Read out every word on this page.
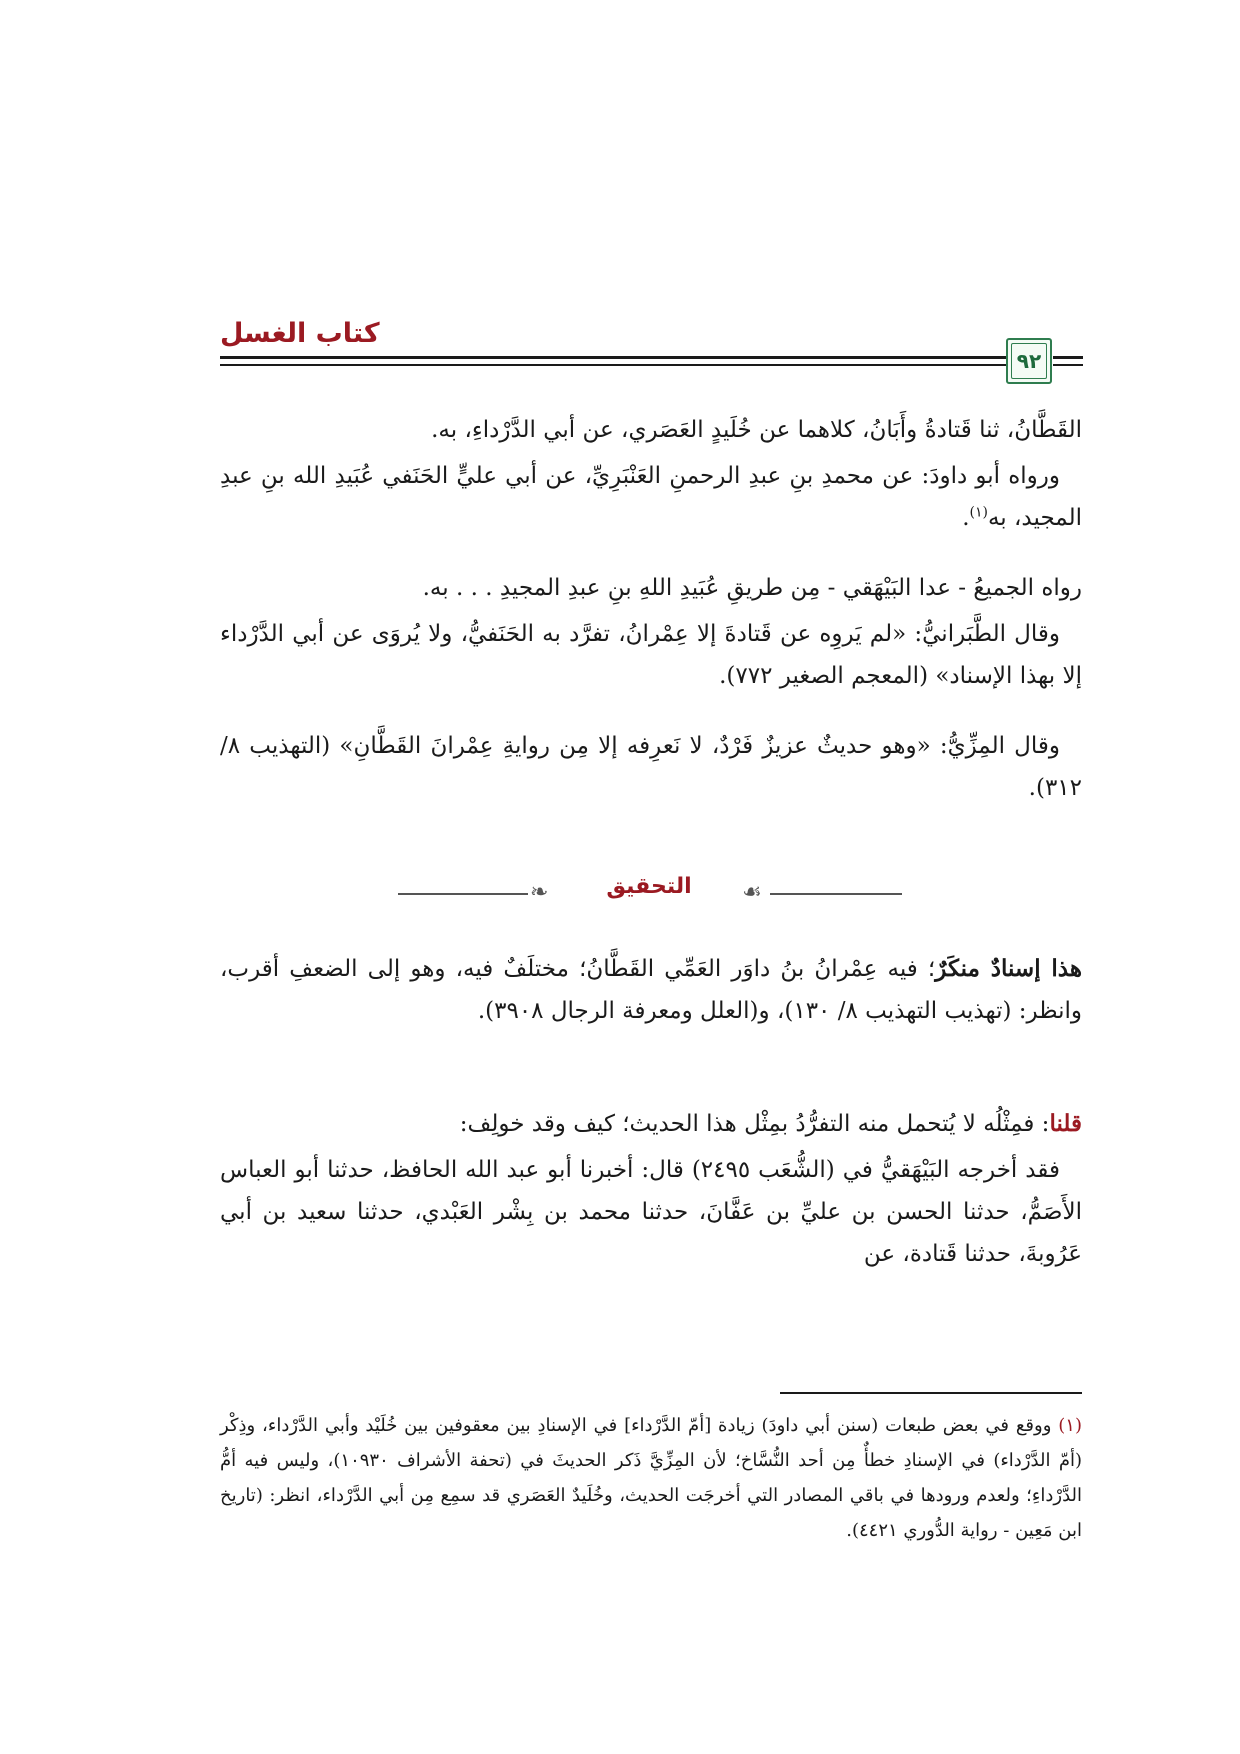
كتاب الغسل
٩٢

القَطَّانُ، ثنا قَتادةُ وأَبَانُ، كلاهما عن خُلَيدٍ العَصَري، عن أبي الدَّرْداءِ، به.

ورواه أبو داودَ: عن محمدِ بنِ عبدِ الرحمنِ العَنْبَرِيِّ، عن أبي عليٍّ الحَنَفي عُبَيدِ الله بنِ عبدِ المجيد، به$^{(١)}$.

رواه الجميعُ - عدا البَيْهَقي - مِن طريقِ عُبَيدِ اللهِ بنِ عبدِ المجيدِ . . . به.

وقال الطَّبَرانيُّ: «لم يَروِه عن قَتادةَ إلا عِمْرانُ، تفرَّد به الحَنَفيُّ، ولا يُروَى عن أبي الدَّرْداء إلا بهذا الإسناد» (المعجم الصغير ٧٧٢).

وقال المِزِّيُّ: «وهو حديثٌ عزيزٌ فَرْدٌ، لا نَعرِفه إلا مِن روايةِ عِمْرانَ القَطَّانِ» (التهذيب ٨/ ٣١٢).

❧	التحقيق	☙

هذا إسنادٌ منكَرٌ؛ فيه عِمْرانُ بنُ داوَر العَمِّي القَطَّانُ؛ مختلَفٌ فيه، وهو إلى الضعفِ أقرب، وانظر: (تهذيب التهذيب ٨/ ١٣٠)، و(العلل ومعرفة الرجال ٣٩٠٨).

قلنا: فمِثْلُه لا يُتحمل منه التفرُّدُ بمِثْل هذا الحديث؛ كيف وقد خولِف:

فقد أخرجه البَيْهَقيُّ في (الشُّعَب ٢٤٩٥) قال: أخبرنا أبو عبد الله الحافظ، حدثنا أبو العباس الأَصَمُّ، حدثنا الحسن بن عليِّ بن عَفَّانَ، حدثنا محمد بن بِشْر العَبْدي، حدثنا سعيد بن أبي عَرُوبةَ، حدثنا قَتادة، عن

(١) ووقع في بعض طبعات (سنن أبي داودَ) زيادة [أمّ الدَّرْداء] في الإسنادِ بين معقوفين بين خُلَيْد وأبي الدَّرْداء، وذِكْر (أمّ الدَّرْداء) في الإسنادِ خطأٌ مِن أحد النُّسَّاخ؛ لأن المِزِّيَّ ذَكر الحديثَ في (تحفة الأشراف ١٠٩٣٠)، وليس فيه أمُّ الدَّرْداءِ؛ ولعدم ورودها في باقي المصادر التي أخرجَت الحديث، وخُلَيدٌ العَصَري قد سمِع مِن أبي الدَّرْداء، انظر: (تاريخ ابن مَعِين - رواية الدُّوري ٤٤٢١).
